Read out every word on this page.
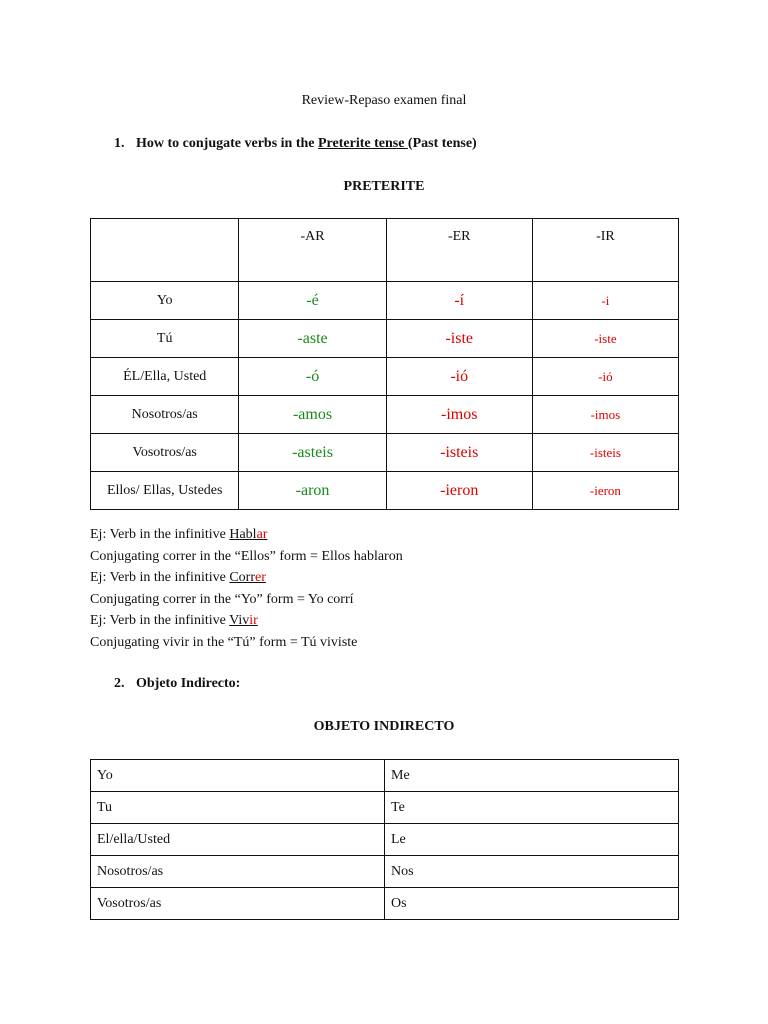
Review-Repaso examen final
1. How to conjugate verbs in the Preterite tense (Past tense)
PRETERITE
	-AR	-ER	-IR
Yo	-é	-í	-i
Tú	-aste	-iste	-iste
ÉL/Ella, Usted	-ó	-ió	-ió
Nosotros/as	-amos	-imos	-imos
Vosotros/as	-asteis	-isteis	-isteis
Ellos/ Ellas, Ustedes	-aron	-ieron	-ieron
Ej: Verb in the infinitive Hablar
Conjugating correr in the “Ellos” form = Ellos hablaron
Ej: Verb in the infinitive Correr
Conjugating correr in the “Yo” form = Yo corrí
Ej: Verb in the infinitive Vivir
Conjugating vivir in the “Tú” form = Tú viviste
2. Objeto Indirecto:
OBJETO INDIRECTO
Yo	Me
Tu	Te
El/ella/Usted	Le
Nosotros/as	Nos
Vosotros/as	Os
